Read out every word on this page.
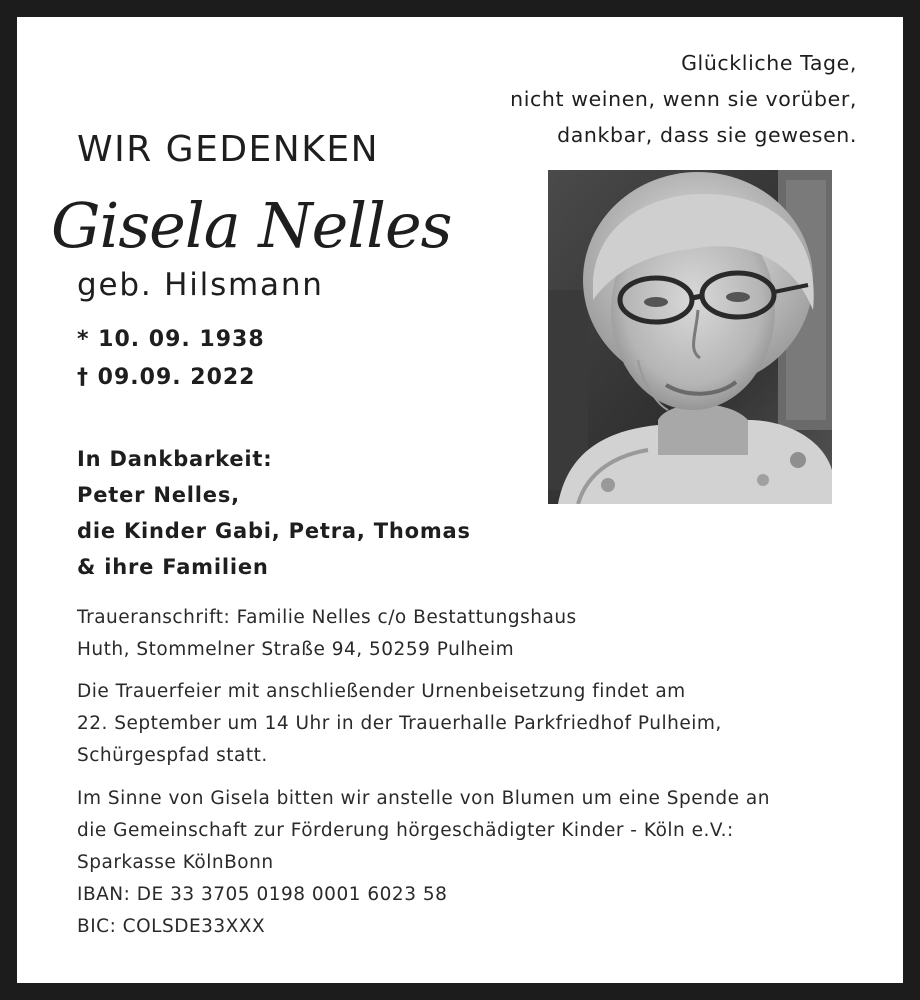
Glückliche Tage,
nicht weinen, wenn sie vorüber,
dankbar, dass sie gewesen.
WIR GEDENKEN
Gisela Nelles
geb. Hilsmann
* 10. 09. 1938
† 09.09. 2022
In Dankbarkeit:
Peter Nelles,
die Kinder Gabi, Petra, Thomas
& ihre Familien
Traueranschrift: Familie Nelles c/o Bestattungshaus
Huth, Stommelner Straße 94, 50259 Pulheim
Die Trauerfeier mit anschließender Urnenbeisetzung findet am
22. September um 14 Uhr in der Trauerhalle Parkfriedhof Pulheim,
Schürgespfad statt.
Im Sinne von Gisela bitten wir anstelle von Blumen um eine Spende an
die Gemeinschaft zur Förderung hörgeschädigter Kinder - Köln e.V.:
Sparkasse KölnBonn
IBAN: DE 33 3705 0198 0001 6023 58
BIC: COLSDE33XXX
